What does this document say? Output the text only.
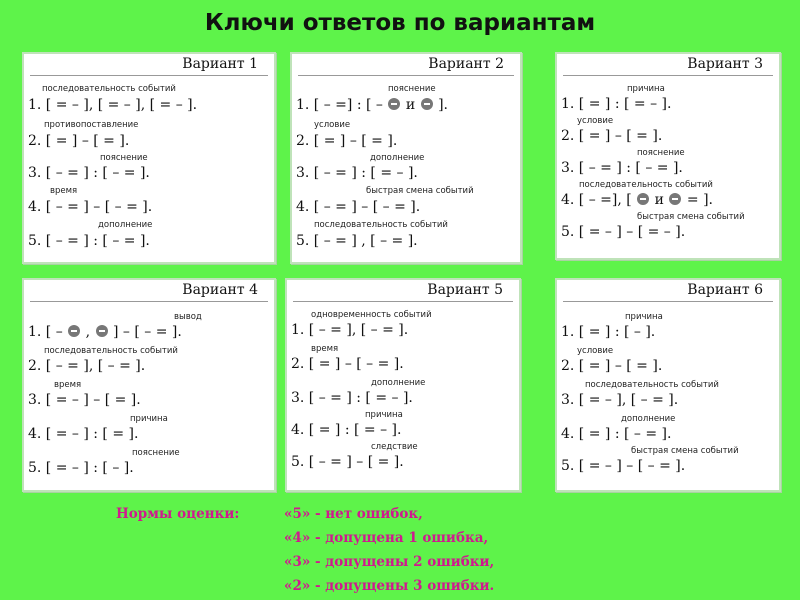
Ключи ответов по вариантам
Вариант 1
последовательность событий
1. [ = – ], [ = – ], [ = – ].
противопоставление
2. [ = ] – [ = ].
пояснение
3. [ – = ] : [ – = ].
время
4. [ – = ] – [ – = ].
дополнение
5. [ – = ] : [ – = ].
Вариант 2
пояснение
1. [ – =] : [ – и ].
условие
2. [ = ] – [ = ].
дополнение
3. [ – = ] : [ = – ].
быстрая смена событий
4. [ – = ] – [ – = ].
последовательность событий
5. [ – = ] , [ – = ].
Вариант 3
причина
1. [ = ] : [ = – ].
условие
2. [ = ] – [ = ].
пояснение
3. [ – = ] : [ – = ].
последовательность событий
4. [ – =], [ и = ].
быстрая смена событий
5. [ = – ] – [ = – ].
Вариант 4
вывод
1. [ – , ] – [ – = ].
последовательность событий
2. [ – = ], [ – = ].
время
3. [ = – ] – [ = ].
причина
4. [ = – ] : [ = ].
пояснение
5. [ = – ] : [ – ].
Вариант 5
одновременность событий
1. [ – = ], [ – = ].
время
2. [ = ] – [ – = ].
дополнение
3. [ – = ] : [ = – ].
причина
4. [ = ] : [ = – ].
следствие
5. [ – = ] – [ = ].
Вариант 6
причина
1. [ = ] : [ – ].
условие
2. [ = ] – [ = ].
последовательность событий
3. [ = – ], [ – = ].
дополнение
4. [ = ] : [ – = ].
быстрая смена событий
5. [ = – ] – [ – = ].
Нормы оценки:	«5» - нет ошибок,
«4» - допущена 1 ошибка,
«3» - допущены 2 ошибки,
«2» - допущены 3 ошибки.
